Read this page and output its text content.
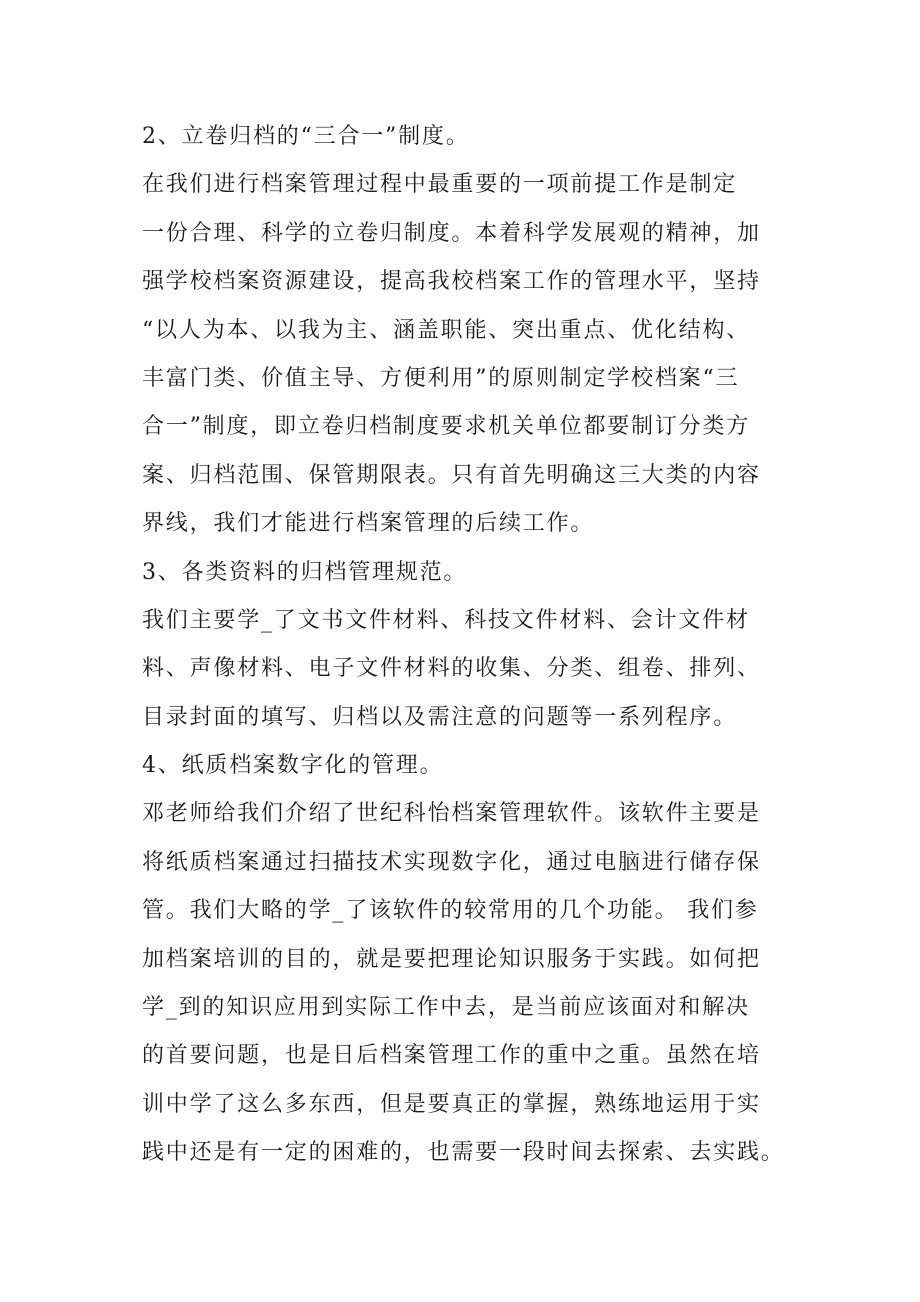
2、立卷归档的“三合一”制度。
在我们进行档案管理过程中最重要的一项前提工作是制定
一份合理、科学的立卷归制度。本着科学发展观的精神，加
强学校档案资源建设，提高我校档案工作的管理水平，坚持
“以人为本、以我为主、涵盖职能、突出重点、优化结构、
丰富门类、价值主导、方便利用”的原则制定学校档案“三
合一”制度，即立卷归档制度要求机关单位都要制订分类方
案、归档范围、保管期限表。只有首先明确这三大类的内容
界线，我们才能进行档案管理的后续工作。
3、各类资料的归档管理规范。
我们主要学_了文书文件材料、科技文件材料、会计文件材
料、声像材料、电子文件材料的收集、分类、组卷、排列、
目录封面的填写、归档以及需注意的问题等一系列程序。
4、纸质档案数字化的管理。
邓老师给我们介绍了世纪科怡档案管理软件。该软件主要是
将纸质档案通过扫描技术实现数字化，通过电脑进行储存保
管。我们大略的学_了该软件的较常用的几个功能。 我们参
加档案培训的目的，就是要把理论知识服务于实践。如何把
学_到的知识应用到实际工作中去，是当前应该面对和解决
的首要问题，也是日后档案管理工作的重中之重。虽然在培
训中学了这么多东西，但是要真正的掌握，熟练地运用于实
践中还是有一定的困难的，也需要一段时间去探索、去实践。
